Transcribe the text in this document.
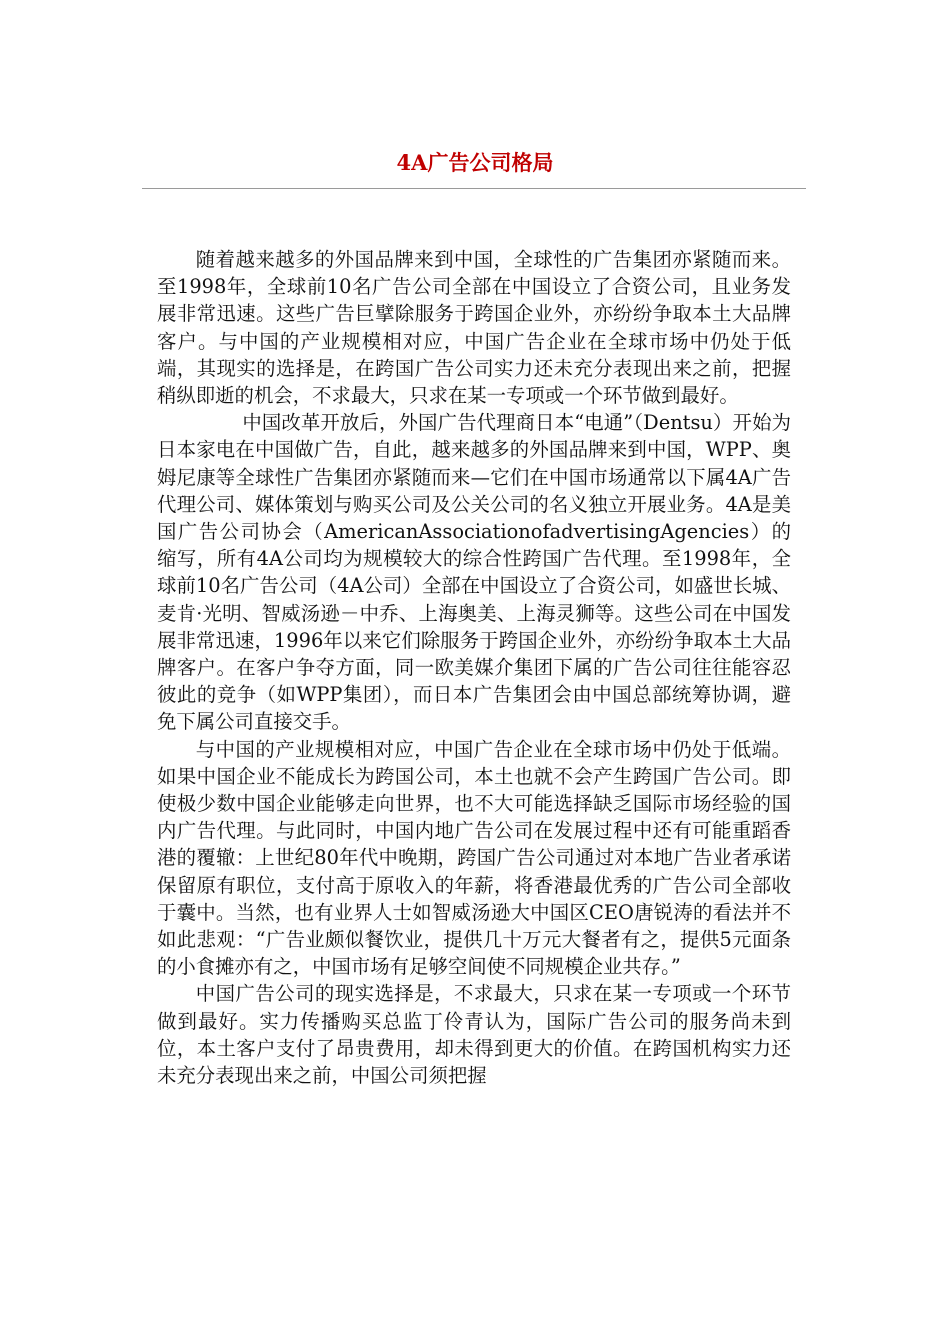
4A广告公司格局

随着越来越多的外国品牌来到中国，全球性的广告集团亦紧随而来。至1998年，全球前10名广告公司全部在中国设立了合资公司，且业务发展非常迅速。这些广告巨擘除服务于跨国企业外，亦纷纷争取本土大品牌客户。与中国的产业规模相对应，中国广告企业在全球市场中仍处于低端，其现实的选择是，在跨国广告公司实力还未充分表现出来之前，把握稍纵即逝的机会，不求最大，只求在某一专项或一个环节做到最好。

中国改革开放后，外国广告代理商日本“电通”（Dentsu）开始为日本家电在中国做广告，自此，越来越多的外国品牌来到中国，WPP、奥姆尼康等全球性广告集团亦紧随而来—它们在中国市场通常以下属4A广告代理公司、媒体策划与购买公司及公关公司的名义独立开展业务。4A是美国广告公司协会（AmericanAssociationofadvertisingAgencies）的缩写，所有4A公司均为规模较大的综合性跨国广告代理。至1998年，全球前10名广告公司（4A公司）全部在中国设立了合资公司，如盛世长城、麦肯·光明、智威汤逊－中乔、上海奥美、上海灵狮等。这些公司在中国发展非常迅速，1996年以来它们除服务于跨国企业外，亦纷纷争取本土大品牌客户。在客户争夺方面，同一欧美媒介集团下属的广告公司往往能容忍彼此的竞争（如WPP集团），而日本广告集团会由中国总部统筹协调，避免下属公司直接交手。

与中国的产业规模相对应，中国广告企业在全球市场中仍处于低端。如果中国企业不能成长为跨国公司，本土也就不会产生跨国广告公司。即使极少数中国企业能够走向世界，也不大可能选择缺乏国际市场经验的国内广告代理。与此同时，中国内地广告公司在发展过程中还有可能重蹈香港的覆辙：上世纪80年代中晚期，跨国广告公司通过对本地广告业者承诺保留原有职位，支付高于原收入的年薪，将香港最优秀的广告公司全部收于囊中。当然，也有业界人士如智威汤逊大中国区CEO唐锐涛的看法并不如此悲观：“广告业颇似餐饮业，提供几十万元大餐者有之，提供5元面条的小食摊亦有之，中国市场有足够空间使不同规模企业共存。”

中国广告公司的现实选择是，不求最大，只求在某一专项或一个环节做到最好。实力传播购买总监丁伶青认为，国际广告公司的服务尚未到位，本土客户支付了昂贵费用，却未得到更大的价值。在跨国机构实力还未充分表现出来之前，中国公司须把握
